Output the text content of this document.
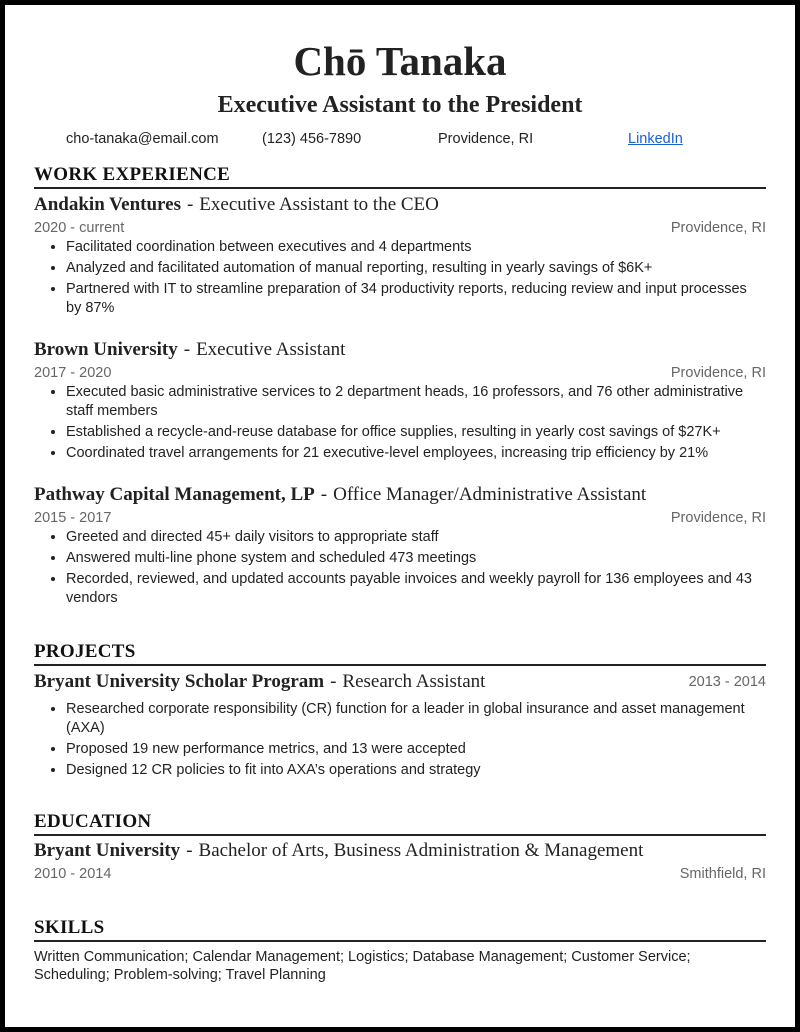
Chō Tanaka
Executive Assistant to the President
cho-tanaka@email.com	(123) 456-7890	Providence, RI	LinkedIn
WORK EXPERIENCE
Andakin Ventures - Executive Assistant to the CEO
2020 - current	Providence, RI
• Facilitated coordination between executives and 4 departments
• Analyzed and facilitated automation of manual reporting, resulting in yearly savings of $6K+
• Partnered with IT to streamline preparation of 34 productivity reports, reducing review and input processes by 87%
Brown University - Executive Assistant
2017 - 2020	Providence, RI
• Executed basic administrative services to 2 department heads, 16 professors, and 76 other administrative staff members
• Established a recycle-and-reuse database for office supplies, resulting in yearly cost savings of $27K+
• Coordinated travel arrangements for 21 executive-level employees, increasing trip efficiency by 21%
Pathway Capital Management, LP - Office Manager/Administrative Assistant
2015 - 2017	Providence, RI
• Greeted and directed 45+ daily visitors to appropriate staff
• Answered multi-line phone system and scheduled 473 meetings
• Recorded, reviewed, and updated accounts payable invoices and weekly payroll for 136 employees and 43 vendors
PROJECTS
Bryant University Scholar Program - Research Assistant	2013 - 2014
• Researched corporate responsibility (CR) function for a leader in global insurance and asset management (AXA)
• Proposed 19 new performance metrics, and 13 were accepted
• Designed 12 CR policies to fit into AXA’s operations and strategy
EDUCATION
Bryant University - Bachelor of Arts, Business Administration & Management
2010 - 2014	Smithfield, RI
SKILLS
Written Communication; Calendar Management; Logistics; Database Management; Customer Service; Scheduling; Problem-solving; Travel Planning
